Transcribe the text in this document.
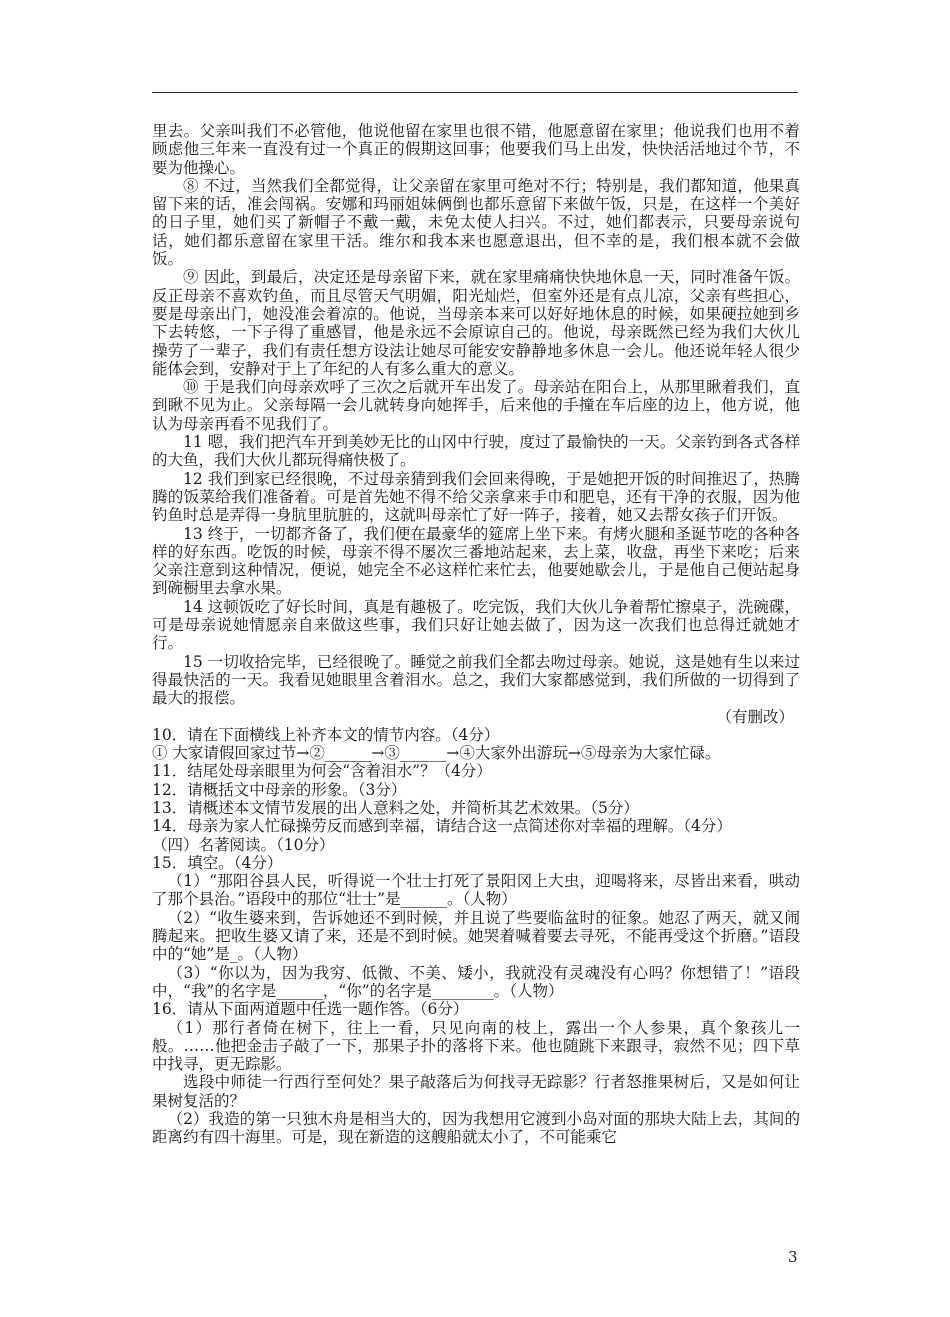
里去。父亲叫我们不必管他，他说他留在家里也很不错，他愿意留在家里；他说我们也用不着顾虑他三年来一直没有过一个真正的假期这回事；他要我们马上出发，快快活活地过个节，不要为他操心。

⑧ 不过，当然我们全都觉得，让父亲留在家里可绝对不行；特别是，我们都知道，他果真留下来的话，准会闯祸。安娜和玛丽姐妹俩倒也都乐意留下来做午饭，只是，在这样一个美好的日子里，她们买了新帽子不戴一戴，未免太使人扫兴。不过，她们都表示，只要母亲说句话，她们都乐意留在家里干活。维尔和我本来也愿意退出，但不幸的是，我们根本就不会做饭。

⑨ 因此，到最后，决定还是母亲留下来，就在家里痛痛快快地休息一天，同时准备午饭。反正母亲不喜欢钓鱼，而且尽管天气明媚，阳光灿烂，但室外还是有点儿凉，父亲有些担心，要是母亲出门，她没准会着凉的。他说，当母亲本来可以好好地休息的时候，如果硬拉她到乡下去转悠，一下子得了重感冒，他是永远不会原谅自己的。他说，母亲既然已经为我们大伙儿操劳了一辈子，我们有责任想方设法让她尽可能安安静静地多休息一会儿。他还说年轻人很少能体会到，安静对于上了年纪的人有多么重大的意义。

⑩ 于是我们向母亲欢呼了三次之后就开车出发了。母亲站在阳台上，从那里瞅着我们，直到瞅不见为止。父亲每隔一会儿就转身向她挥手，后来他的手撞在车后座的边上，他方说，他认为母亲再看不见我们了。

11 嗯，我们把汽车开到美妙无比的山冈中行驶，度过了最愉快的一天。父亲钓到各式各样的大鱼，我们大伙儿都玩得痛快极了。

12 我们到家已经很晚，不过母亲猜到我们会回来得晚，于是她把开饭的时间推迟了，热腾腾的饭菜给我们准备着。可是首先她不得不给父亲拿来手巾和肥皂，还有干净的衣服，因为他钓鱼时总是弄得一身肮里肮脏的，这就叫母亲忙了好一阵子，接着，她又去帮女孩子们开饭。

13 终于，一切都齐备了，我们便在最豪华的筵席上坐下来。有烤火腿和圣诞节吃的各种各样的好东西。吃饭的时候，母亲不得不屡次三番地站起来，去上菜，收盘，再坐下来吃；后来父亲注意到这种情况，便说，她完全不必这样忙来忙去，他要她歇会儿，于是他自己便站起身到碗橱里去拿水果。

14 这顿饭吃了好长时间，真是有趣极了。吃完饭，我们大伙儿争着帮忙擦桌子，洗碗碟，可是母亲说她情愿亲自来做这些事，我们只好让她去做了，因为这一次我们也总得迁就她才行。

15 一切收拾完毕，已经很晚了。睡觉之前我们全都去吻过母亲。她说，这是她有生以来过得最快活的一天。我看见她眼里含着泪水。总之，我们大家都感觉到，我们所做的一切得到了最大的报偿。

（有删改）

10．请在下面横线上补齐本文的情节内容。（4分）

① 大家请假回家过节→②______→③______→④大家外出游玩→⑤母亲为大家忙碌。

11．结尾处母亲眼里为何会“含着泪水”？（4分）

12．请概括文中母亲的形象。（3分）

13．请概述本文情节发展的出人意料之处，并简析其艺术效果。（5分）

14．母亲为家人忙碌操劳反而感到幸福，请结合这一点简述你对幸福的理解。（4分）

（四）名著阅读。（10分）

15．填空。（4分）

（1）“那阳谷县人民，听得说一个壮士打死了景阳冈上大虫，迎喝将来，尽皆出来看，哄动了那个县治。”语段中的那位“壮士”是______。（人物）

（2）“收生婆来到，告诉她还不到时候，并且说了些要临盆时的征象。她忍了两天，就又闹腾起来。把收生婆又请了来，还是不到时候。她哭着喊着要去寻死，不能再受这个折磨。”语段中的“她”是_。（人物）

（3）“你以为，因为我穷、低微、不美、矮小，我就没有灵魂没有心吗？你想错了！”语段中，“我”的名字是______，“你”的名字是________。（人物）

16．请从下面两道题中任选一题作答。（6分）

（1）那行者倚在树下，往上一看，只见向南的枝上，露出一个人参果，真个象孩儿一般。……他把金击子敲了一下，那果子扑的落将下来。他也随跳下来跟寻，寂然不见；四下草中找寻，更无踪影。

选段中师徒一行西行至何处？果子敲落后为何找寻无踪影？行者怒推果树后，又是如何让果树复活的？

（2）我造的第一只独木舟是相当大的，因为我想用它渡到小岛对面的那块大陆上去，其间的距离约有四十海里。可是，现在新造的这艘船就太小了，不可能乘它

3
